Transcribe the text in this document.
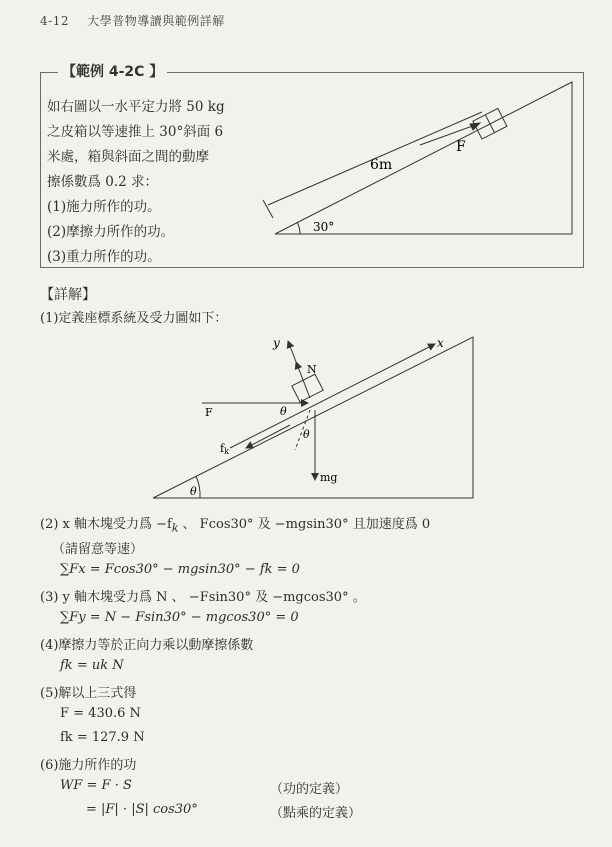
4-12 大學普物導讀與範例詳解
【範例 4-2C 】
如右圖以一水平定力將 50 kg
之皮箱以等速推上 30°斜面 6
米處，箱與斜面之間的動摩
擦係數爲 0.2 求：
(1)施力所作的功。
(2)摩擦力所作的功。
(3)重力所作的功。
6m
F
30°
【詳解】
(1)定義座標系統及受力圖如下：
y	x
N
F
fk
θ
θ
θ
mg
(2) x 軸木塊受力爲 $-f_k$ 、 Fcos30° 及 −mgsin30° 且加速度爲 0
（請留意等速）
∑Fx = Fcos30° − mgsin30° − fk = 0
(3) y 軸木塊受力爲 N 、 −Fsin30° 及 −mgcos30° 。
∑Fy = N − Fsin30° − mgcos30° = 0
(4)摩擦力等於正向力乘以動摩擦係數
fk = uk N
(5)解以上三式得
F = 430.6 N
fk = 127.9 N
(6)施力所作的功
WF = F · S	（功的定義）
= |F| · |S| cos30°	（點乘的定義）
